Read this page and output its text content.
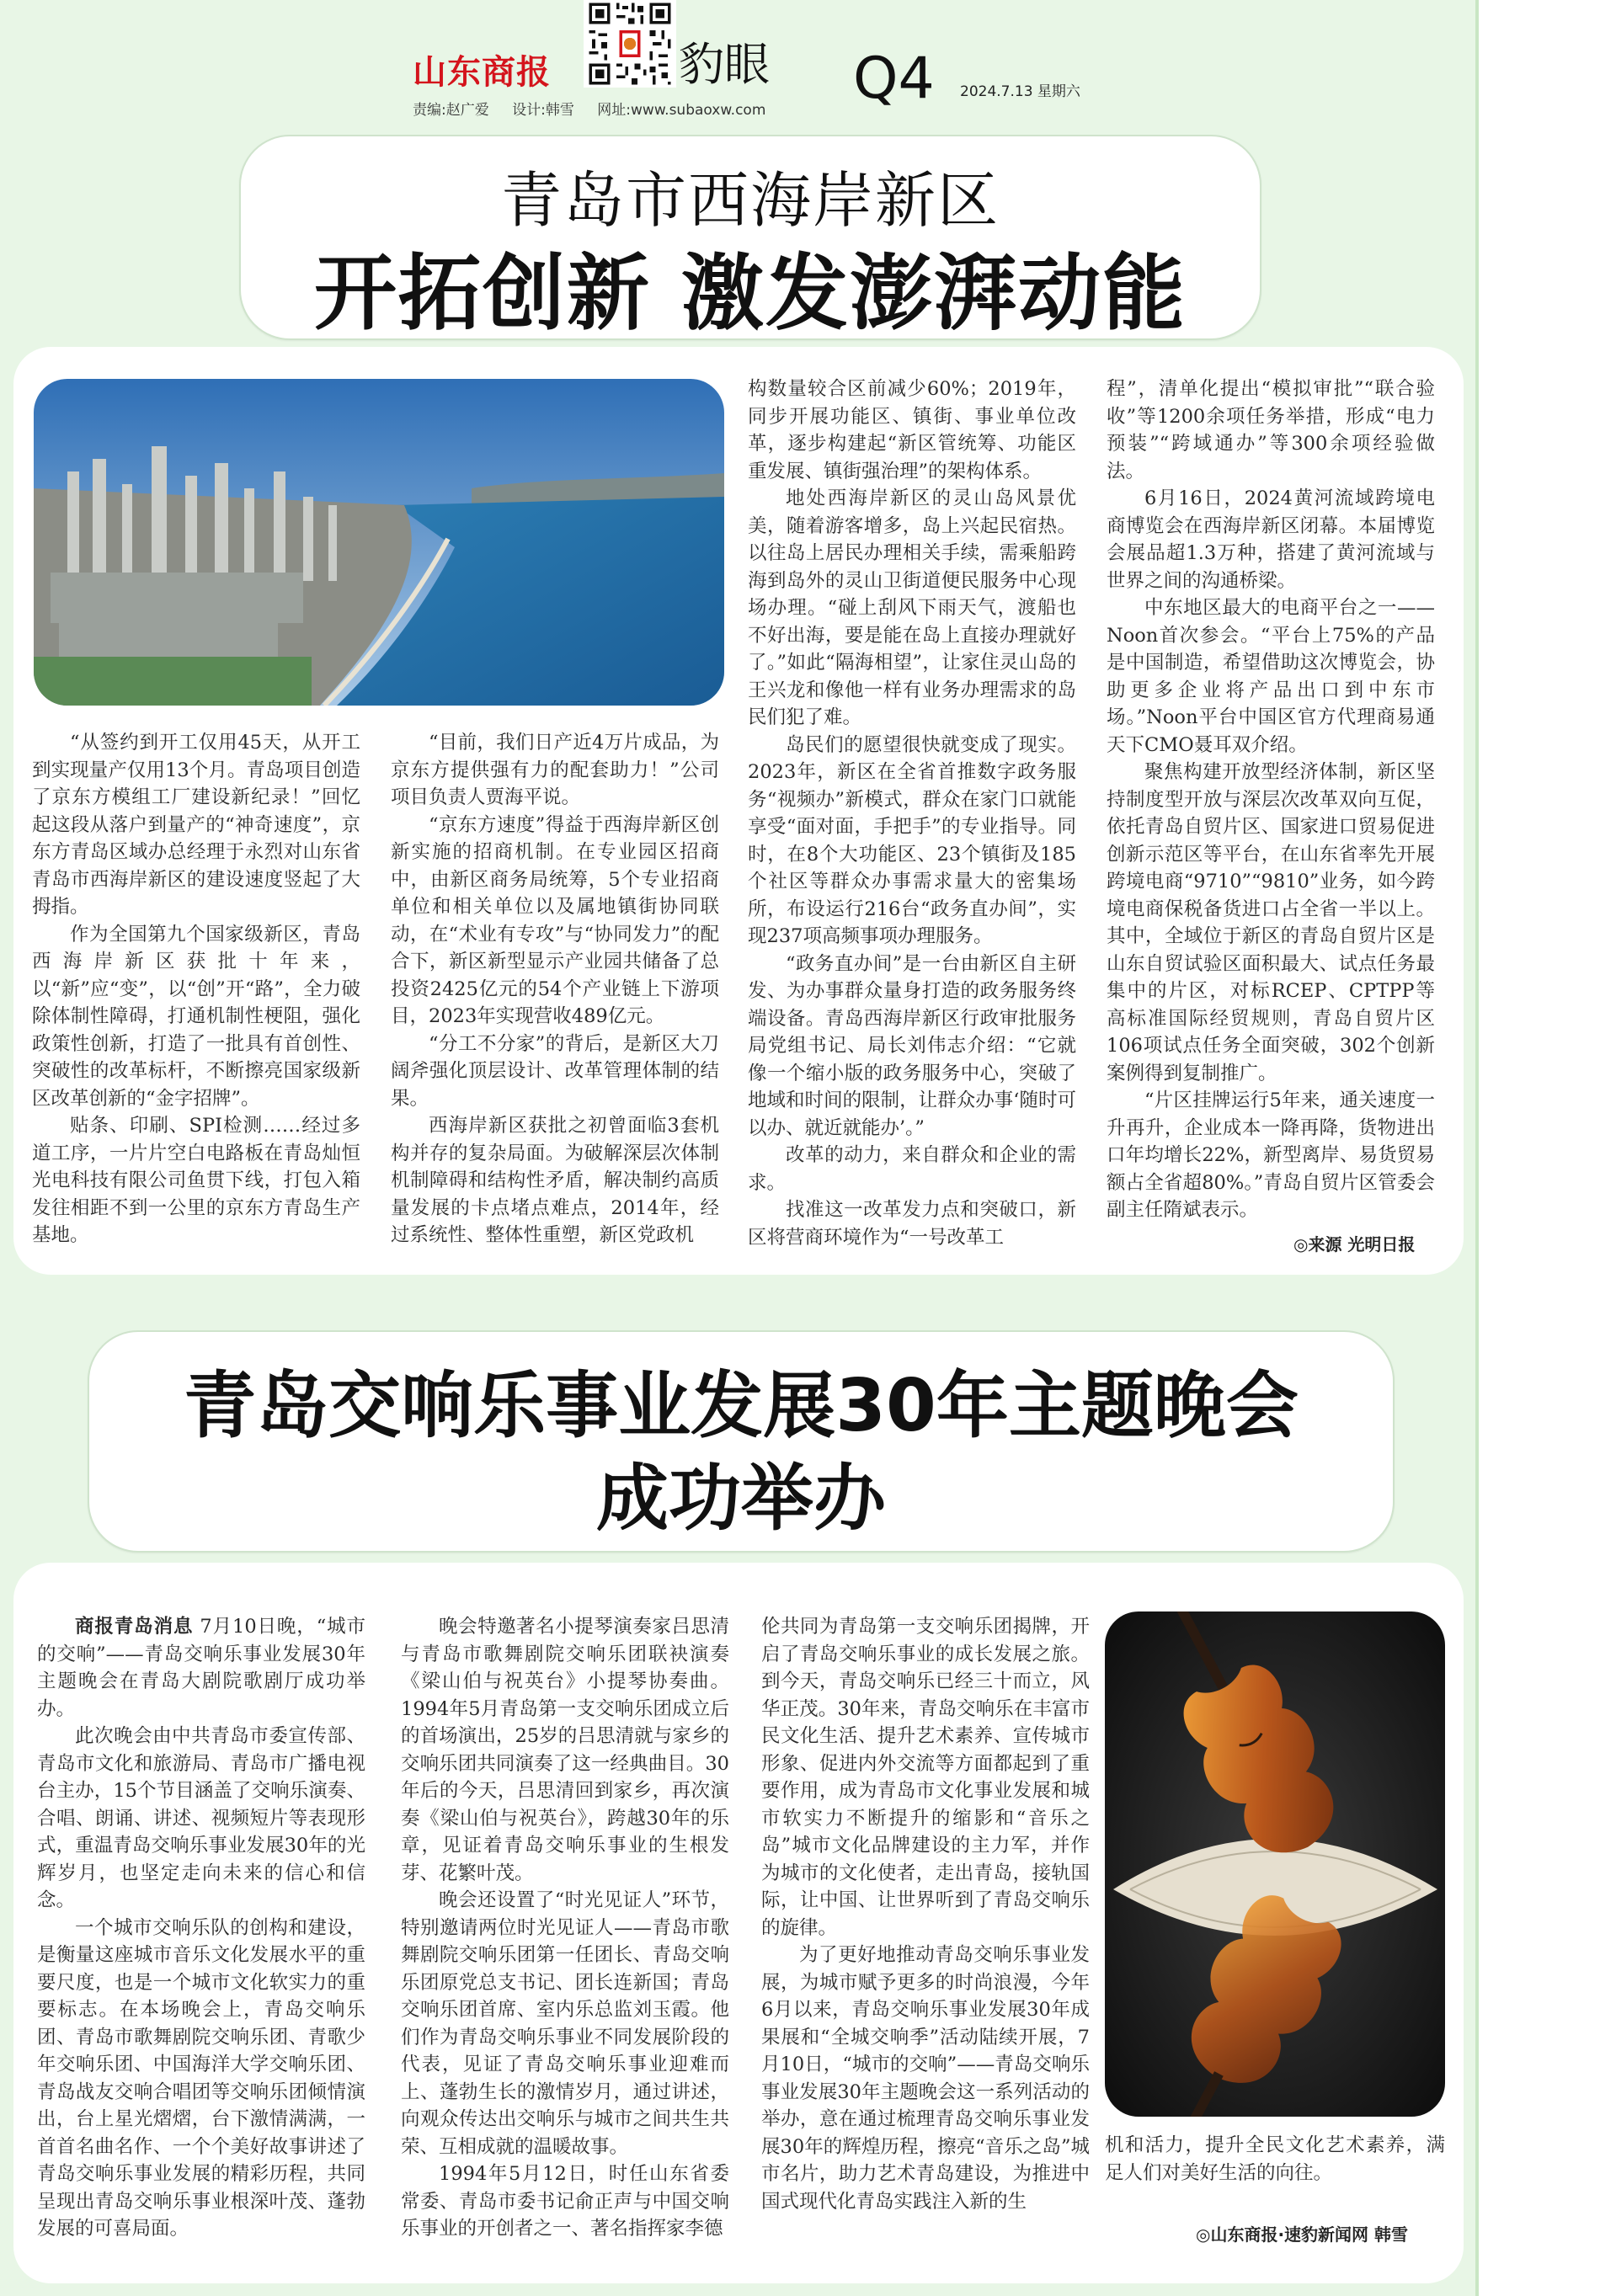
山东商报	豹眼
责编:赵广爱 设计:韩雪 网址:www.subaoxw.com	Q4 2024.7.13 星期六
青岛市西海岸新区
开拓创新 激发澎湃动能

“从签约到开工仅用45天，从开工到实现量产仅用13个月。青岛项目创造了京东方模组工厂建设新纪录！”回忆起这段从落户到量产的“神奇速度”，京东方青岛区域办总经理于永烈对山东省青岛市西海岸新区的建设速度竖起了大拇指。

作为全国第九个国家级新区，青岛西海岸新区获批十年来，以“新”应“变”，以“创”开“路”，全力破除体制性障碍，打通机制性梗阻，强化政策性创新，打造了一批具有首创性、突破性的改革标杆，不断擦亮国家级新区改革创新的“金字招牌”。

贴条、印刷、SPI检测……经过多道工序，一片片空白电路板在青岛灿恒光电科技有限公司鱼贯下线，打包入箱发往相距不到一公里的京东方青岛生产基地。

“目前，我们日产近4万片成品，为京东方提供强有力的配套助力！”公司项目负责人贾海平说。

“京东方速度”得益于西海岸新区创新实施的招商机制。在专业园区招商中，由新区商务局统筹，5个专业招商单位和相关单位以及属地镇街协同联动，在“术业有专攻”与“协同发力”的配合下，新区新型显示产业园共储备了总投资2425亿元的54个产业链上下游项目，2023年实现营收489亿元。

“分工不分家”的背后，是新区大刀阔斧强化顶层设计、改革管理体制的结果。

西海岸新区获批之初曾面临3套机构并存的复杂局面。为破解深层次体制机制障碍和结构性矛盾，解决制约高质量发展的卡点堵点难点，2014年，经过系统性、整体性重塑，新区党政机

构数量较合区前减少60%；2019年，同步开展功能区、镇街、事业单位改革，逐步构建起“新区管统筹、功能区重发展、镇街强治理”的架构体系。

地处西海岸新区的灵山岛风景优美，随着游客增多，岛上兴起民宿热。以往岛上居民办理相关手续，需乘船跨海到岛外的灵山卫街道便民服务中心现场办理。“碰上刮风下雨天气，渡船也不好出海，要是能在岛上直接办理就好了。”如此“隔海相望”，让家住灵山岛的王兴龙和像他一样有业务办理需求的岛民们犯了难。

岛民们的愿望很快就变成了现实。2023年，新区在全省首推数字政务服务“视频办”新模式，群众在家门口就能享受“面对面，手把手”的专业指导。同时，在8个大功能区、23个镇街及185个社区等群众办事需求量大的密集场所，布设运行216台“政务直办间”，实现237项高频事项办理服务。

“政务直办间”是一台由新区自主研发、为办事群众量身打造的政务服务终端设备。青岛西海岸新区行政审批服务局党组书记、局长刘伟志介绍：“它就像一个缩小版的政务服务中心，突破了地域和时间的限制，让群众办事‘随时可以办、就近就能办’。”

改革的动力，来自群众和企业的需求。

找准这一改革发力点和突破口，新区将营商环境作为“一号改革工

程”，清单化提出“模拟审批”“联合验收”等1200余项任务举措，形成“电力预装”“跨域通办”等300余项经验做法。

6月16日，2024黄河流域跨境电商博览会在西海岸新区闭幕。本届博览会展品超1.3万种，搭建了黄河流域与世界之间的沟通桥梁。

中东地区最大的电商平台之一——Noon首次参会。“平台上75%的产品是中国制造，希望借助这次博览会，协助更多企业将产品出口到中东市场。”Noon平台中国区官方代理商易通天下CMO聂耳双介绍。

聚焦构建开放型经济体制，新区坚持制度型开放与深层次改革双向互促，依托青岛自贸片区、国家进口贸易促进创新示范区等平台，在山东省率先开展跨境电商“9710”“9810”业务，如今跨境电商保税备货进口占全省一半以上。其中，全域位于新区的青岛自贸片区是山东自贸试验区面积最大、试点任务最集中的片区，对标RCEP、CPTPP等高标准国际经贸规则，青岛自贸片区106项试点任务全面突破，302个创新案例得到复制推广。

“片区挂牌运行5年来，通关速度一升再升，企业成本一降再降，货物进出口年均增长22%，新型离岸、易货贸易额占全省超80%。”青岛自贸片区管委会副主任隋斌表示。

◎来源 光明日报
青岛交响乐事业发展30年主题晚会
成功举办

商报青岛消息 7月10日晚，“城市的交响”——青岛交响乐事业发展30年主题晚会在青岛大剧院歌剧厅成功举办。

此次晚会由中共青岛市委宣传部、青岛市文化和旅游局、青岛市广播电视台主办，15个节目涵盖了交响乐演奏、合唱、朗诵、讲述、视频短片等表现形式，重温青岛交响乐事业发展30年的光辉岁月，也坚定走向未来的信心和信念。

一个城市交响乐队的创构和建设，是衡量这座城市音乐文化发展水平的重要尺度，也是一个城市文化软实力的重要标志。在本场晚会上，青岛交响乐团、青岛市歌舞剧院交响乐团、青歌少年交响乐团、中国海洋大学交响乐团、青岛战友交响合唱团等交响乐团倾情演出，台上星光熠熠，台下激情满满，一首首名曲名作、一个个美好故事讲述了青岛交响乐事业发展的精彩历程，共同呈现出青岛交响乐事业根深叶茂、蓬勃发展的可喜局面。

晚会特邀著名小提琴演奏家吕思清与青岛市歌舞剧院交响乐团联袂演奏《梁山伯与祝英台》小提琴协奏曲。1994年5月青岛第一支交响乐团成立后的首场演出，25岁的吕思清就与家乡的交响乐团共同演奏了这一经典曲目。30年后的今天，吕思清回到家乡，再次演奏《梁山伯与祝英台》，跨越30年的乐章，见证着青岛交响乐事业的生根发芽、花繁叶茂。

晚会还设置了“时光见证人”环节，特别邀请两位时光见证人——青岛市歌舞剧院交响乐团第一任团长、青岛交响乐团原党总支书记、团长连新国；青岛交响乐团首席、室内乐总监刘玉霞。他们作为青岛交响乐事业不同发展阶段的代表，见证了青岛交响乐事业迎难而上、蓬勃生长的激情岁月，通过讲述，向观众传达出交响乐与城市之间共生共荣、互相成就的温暖故事。

1994年5月12日，时任山东省委常委、青岛市委书记俞正声与中国交响乐事业的开创者之一、著名指挥家李德

伦共同为青岛第一支交响乐团揭牌，开启了青岛交响乐事业的成长发展之旅。到今天，青岛交响乐已经三十而立，风华正茂。30年来，青岛交响乐在丰富市民文化生活、提升艺术素养、宣传城市形象、促进内外交流等方面都起到了重要作用，成为青岛市文化事业发展和城市软实力不断提升的缩影和“音乐之岛”城市文化品牌建设的主力军，并作为城市的文化使者，走出青岛，接轨国际，让中国、让世界听到了青岛交响乐的旋律。

为了更好地推动青岛交响乐事业发展，为城市赋予更多的时尚浪漫，今年6月以来，青岛交响乐事业发展30年成果展和“全城交响季”活动陆续开展，7月10日，“城市的交响”——青岛交响乐事业发展30年主题晚会这一系列活动的举办，意在通过梳理青岛交响乐事业发展30年的辉煌历程，擦亮“音乐之岛”城市名片，助力艺术青岛建设，为推进中国式现代化青岛实践注入新的生

机和活力，提升全民文化艺术素养，满足人们对美好生活的向往。

◎山东商报·速豹新闻网 韩雪
